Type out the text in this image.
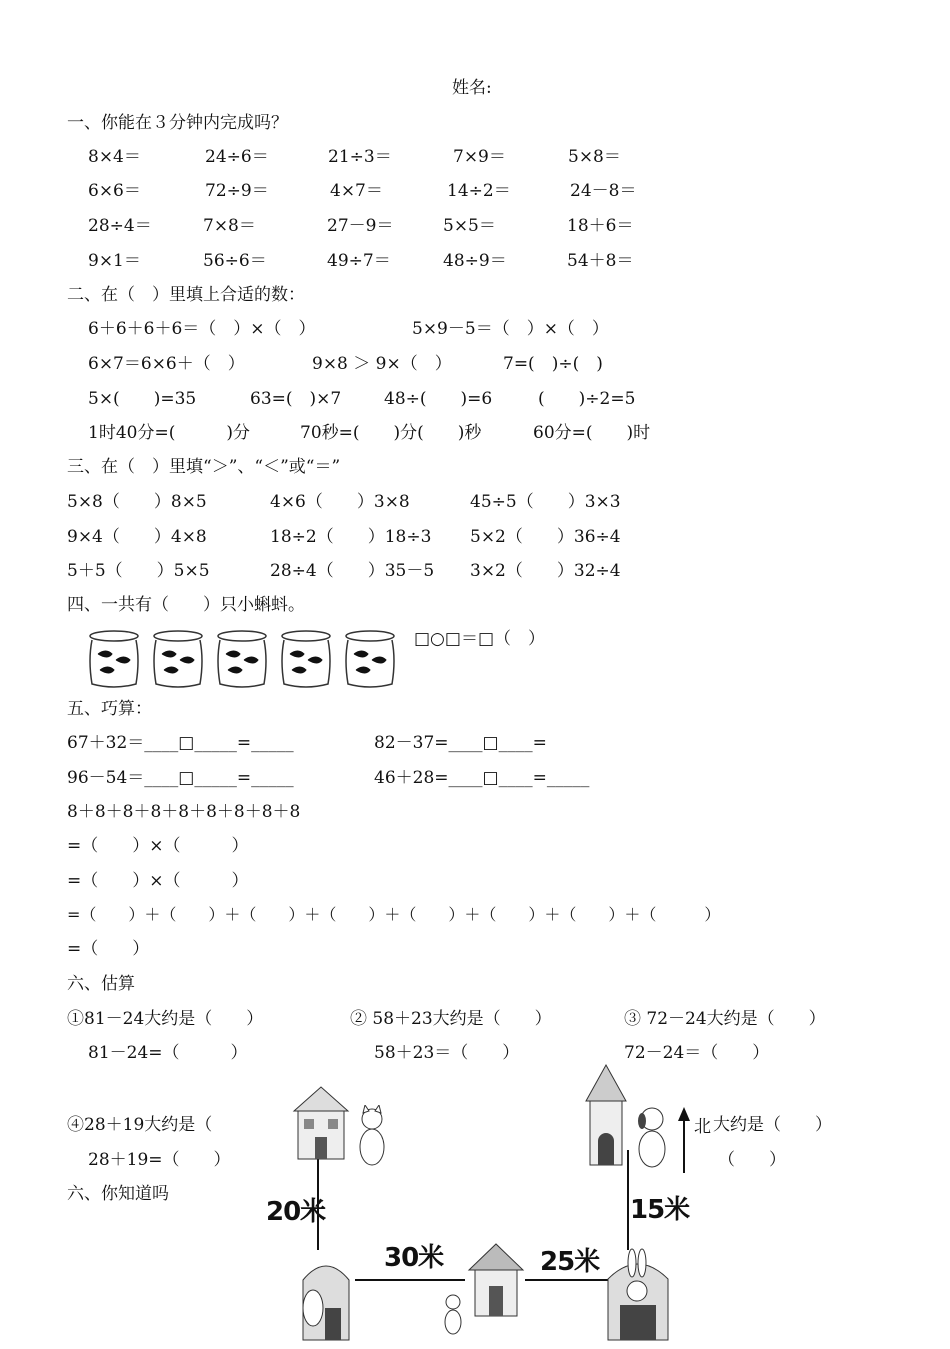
姓名:
一、你能在３分钟内完成吗？
8×4＝	24÷6＝	21÷3＝	7×9＝	5×8＝
6×6＝	72÷9＝	4×7＝	14÷2＝	24－8＝
28÷4＝	7×8＝	27－9＝	5×5＝	18＋6＝
9×1＝	56÷6＝	49÷7＝	48÷9＝	54＋8＝
二、在（　）里填上合适的数：
6＋6＋6＋6＝（　）×（　）	5×9－5＝（　）×（　）
6×7＝6×6＋（　）	9×8 ＞ 9×（　）	7=(　)÷(　)
5×(　　)=35	63=(　)×7	48÷(　　)=6	(　　)÷2=5
1时40分=(　　　)分	70秒=(　　)分(　　)秒	60分=(　　)时
三、在（　）里填“＞”、“＜”或“＝”
5×8（　　）8×5	4×6（　　）3×8	45÷5（　　）3×3
9×4（　　）4×8	18÷2（　　）18÷3 5×2（　　）36÷4
5＋5（　　）5×5	28÷4（　　）35－5 3×2（　　）32÷4
四、一共有（　　）只小蝌蚪。
□○□＝□（　）
五、巧算：
67＋32＝____□_____=_____	82－37=____□____=
96－54＝____□_____=_____	46＋28=____□____=_____
8＋8＋8＋8＋8＋8＋8＋8＋8
=（　　）×（　　　）
=（　　）×（　　　）
=（　　）＋（　　）＋（　　）＋（　　）＋（　　）＋（　　）＋（　　）＋（　　　）
=（　　）
六、估算
①81－24大约是（　　）	② 58＋23大约是（　　）	③ 72－24大约是（　　）
81－24=（　　　）	58＋23＝（　　）	72－24＝（　　）
④28＋19大约是（　　
28＋19=（　　）
大约是（　　）
（　　）
六、你知道吗
北
20米
30米	25米
15米
